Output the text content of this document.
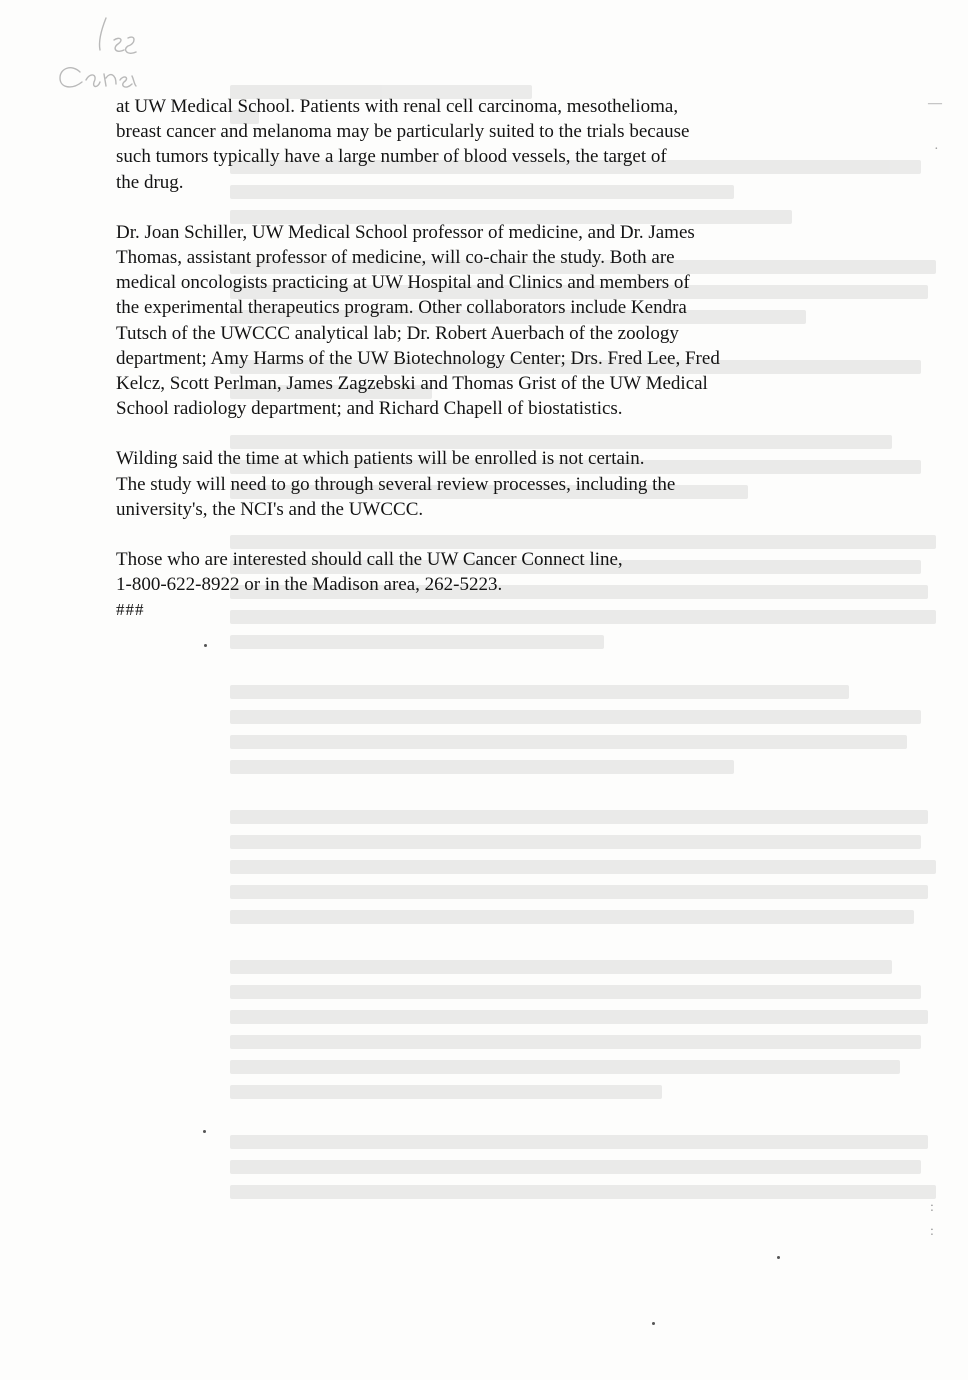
at UW Medical School. Patients with renal cell carcinoma, mesothelioma,
breast cancer and melanoma may be particularly suited to the trials because
such tumors typically have a large number of blood vessels, the target of
the drug.
Dr. Joan Schiller, UW Medical School professor of medicine, and Dr. James
Thomas, assistant professor of medicine, will co-chair the study. Both are
medical oncologists practicing at UW Hospital and Clinics and members of
the experimental therapeutics program. Other collaborators include Kendra
Tutsch of the UWCCC analytical lab; Dr. Robert Auerbach of the zoology
department; Amy Harms of the UW Biotechnology Center; Drs. Fred Lee, Fred
Kelcz, Scott Perlman, James Zagzebski and Thomas Grist of the UW Medical
School radiology department; and Richard Chapell of biostatistics.
Wilding said the time at which patients will be enrolled is not certain.
The study will need to go through several review processes, including the
university's, the NCI's and the UWCCC.
Those who are interested should call the UW Cancer Connect line,
1-800-622-8922 or in the Madison area, 262-5223.
###
—
·
:
:
